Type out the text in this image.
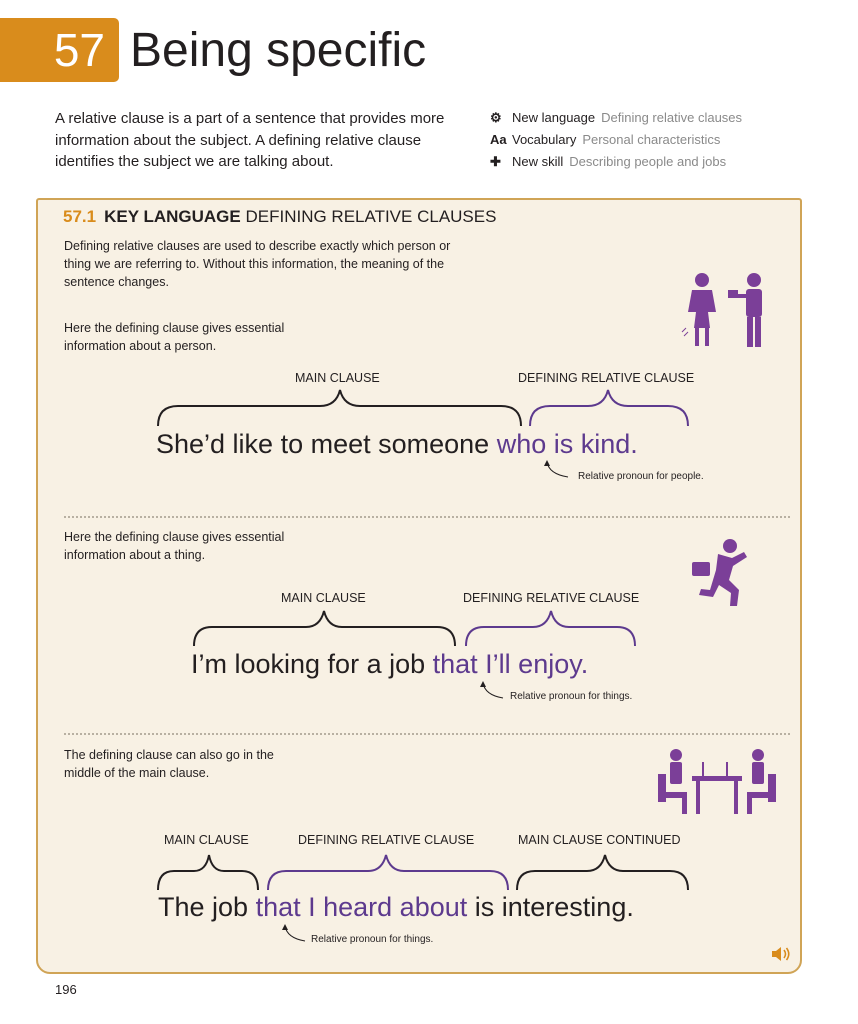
57 Being specific
A relative clause is a part of a sentence that provides more information about the subject. A defining relative clause identifies the subject we are talking about.
⚙ New language Defining relative clauses
Aa Vocabulary Personal characteristics
✚ New skill Describing people and jobs
57.1 KEY LANGUAGE DEFINING RELATIVE CLAUSES
Defining relative clauses are used to describe exactly which person or thing we are referring to. Without this information, the meaning of the sentence changes.
Here the defining clause gives essential information about a person.
MAIN CLAUSE	DEFINING RELATIVE CLAUSE
She’d like to meet someone who is kind.
Relative pronoun for people.
Here the defining clause gives essential information about a thing.
MAIN CLAUSE	DEFINING RELATIVE CLAUSE
I’m looking for a job that I’ll enjoy.
Relative pronoun for things.
The defining clause can also go in the middle of the main clause.
MAIN CLAUSE	DEFINING RELATIVE CLAUSE	MAIN CLAUSE CONTINUED
The job that I heard about is interesting.
Relative pronoun for things.
196
